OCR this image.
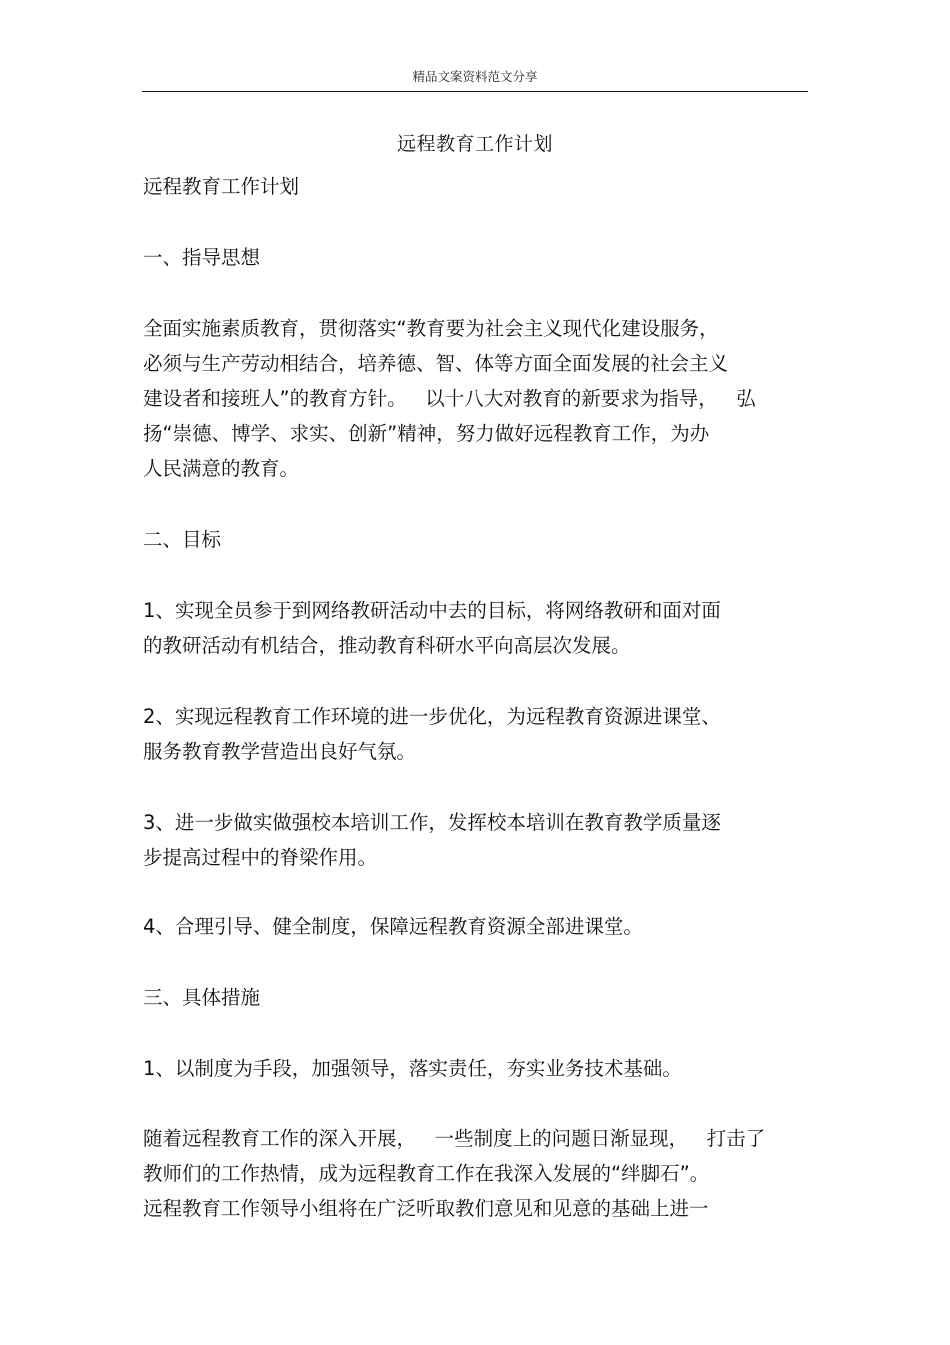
精品文案资料范文分享
远程教育工作计划
远程教育工作计划
一、指导思想
全面实施素质教育，贯彻落实“教育要为社会主义现代化建设服务，
必须与生产劳动相结合，培养德、智、体等方面全面发展的社会主义
建设者和接班人”的教育方针。   以十八大对教育的新要求为指导，   弘
扬“崇德、博学、求实、创新”精神，努力做好远程教育工作，为办
人民满意的教育。
二、目标
1、实现全员参于到网络教研活动中去的目标，将网络教研和面对面
的教研活动有机结合，推动教育科研水平向高层次发展。
2、实现远程教育工作环境的进一步优化，为远程教育资源进课堂、
服务教育教学营造出良好气氛。
3、进一步做实做强校本培训工作，发挥校本培训在教育教学质量逐
步提高过程中的脊梁作用。
4、合理引导、健全制度，保障远程教育资源全部进课堂。
三、具体措施
1、以制度为手段，加强领导，落实责任，夯实业务技术基础。
随着远程教育工作的深入开展，   一些制度上的问题日渐显现，   打击了
教师们的工作热情，成为远程教育工作在我深入发展的“绊脚石”。
远程教育工作领导小组将在广泛听取教们意见和见意的基础上进一
